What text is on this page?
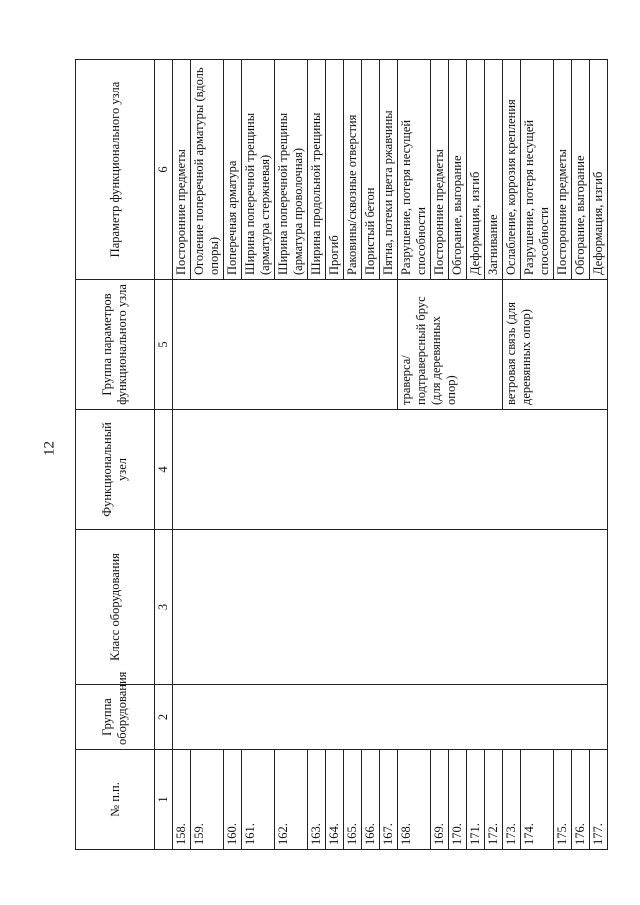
12
№ п.п.	Группа оборудования	Класс оборудования	Функциональный узел	Группа параметров функционального узла	Параметр функционального узла
1	2	3	4	5	6
158.					Посторонние предметы
159.					Оголение поперечной арматуры (вдоль опоры)
160.					Поперечная арматура
161.					Ширина поперечной трещины (арматура стержневая)
162.					Ширина поперечной трещины (арматура проволочная)
163.					Ширина продольной трещины
164.					Прогиб
165.					Раковины/сквозные отверстия
166.					Пористый бетон
167.					Пятна, потеки цвета ржавчины
168.				траверса/подтраверсный брус (для деревянных опор)	Разрушение, потеря несущей способности
169.					Посторонние предметы
170.					Обгорание, выгорание
171.					Деформация, изгиб
172.					Загнивание
173.				ветровая связь (для деревянных опор)	Ослабление, коррозия крепления
174.					Разрушение, потеря несущей способности
175.					Посторонние предметы
176.					Обгорание, выгорание
177.					Деформация, изгиб
